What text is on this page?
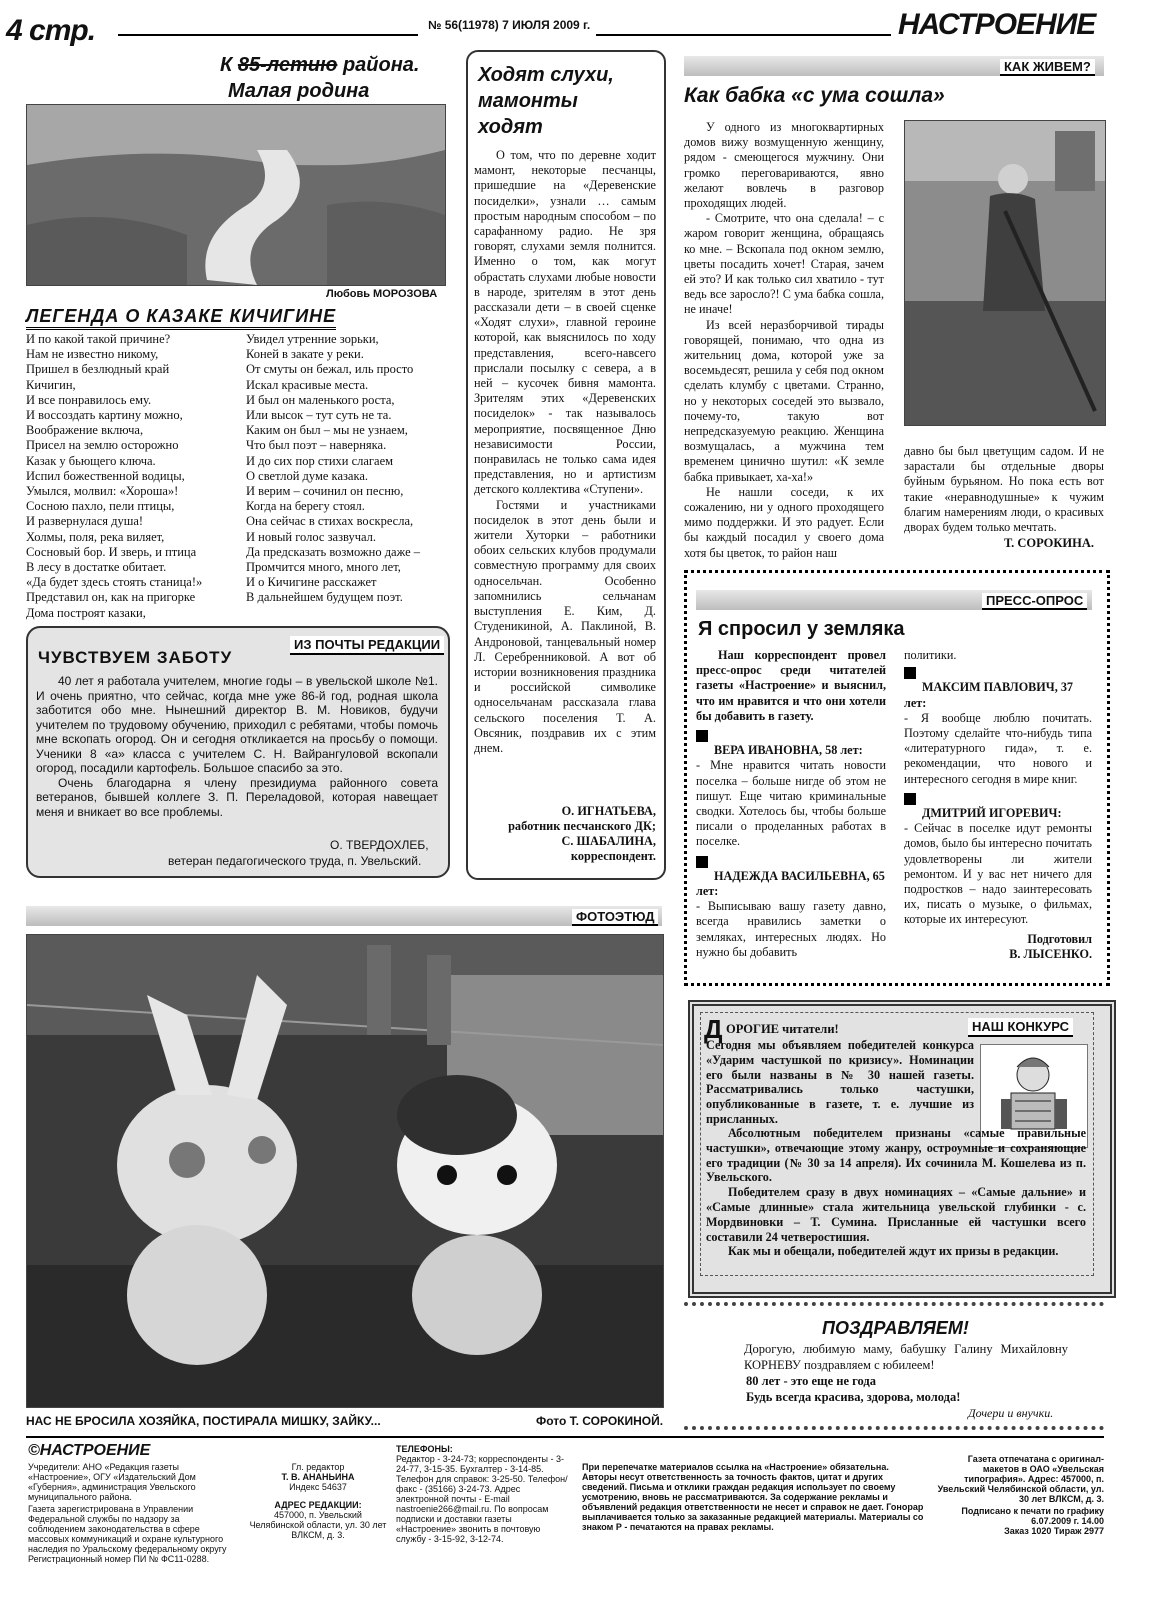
4 стр.	№ 56(11978) 7 ИЮЛЯ 2009 г.	НАСТРОЕНИЕ
К 85-летию района.
Малая родина
Любовь МОРОЗОВА
ЛЕГЕНДА О КАЗАКЕ КИЧИГИНЕ
И по какой такой причине?
Нам не известно никому,
Пришел в безлюдный край
Кичигин,
И все понравилось ему.
И воссоздать картину можно,
Воображение включа,
Присел на землю осторожно
Казак у бьющего ключа.
Испил божественной водицы,
Умылся, молвил: «Хороша»!
Сосною пахло, пели птицы,
И развернулася душа!
Холмы, поля, река виляет,
Сосновый бор. И зверь, и птица
В лесу в достатке обитает.
«Да будет здесь стоять станица!»
Представил он, как на пригорке
Дома построят казаки,
Увидел утренние зорьки,
Коней в закате у реки.
От смуты он бежал, иль просто
Искал красивые места.
И был он маленького роста,
Или высок – тут суть не та.
Каким он был – мы не узнаем,
Что был поэт – наверняка.
И до сих пор стихи слагаем
О светлой думе казака.
И верим – сочинил он песню,
Когда на берегу стоял.
Она сейчас в стихах воскресла,
И новый голос зазвучал.
Да предсказать возможно даже –
Промчится много, много лет,
И о Кичигине расскажет
В дальнейшем будущем поэт.
ИЗ ПОЧТЫ РЕДАКЦИИ
ЧУВСТВУЕМ ЗАБОТУ

40 лет я работала учителем, многие годы – в увельской школе №1. И очень приятно, что сейчас, когда мне уже 86-й год, родная школа заботится обо мне. Нынешний директор В. М. Новиков, будучи учителем по трудовому обучению, приходил с ребятами, чтобы помочь мне вскопать огород. Он и сегодня откликается на просьбу о помощи. Ученики 8 «а» класса с учителем С. Н. Вайрангуловой вскопали огород, посадили картофель. Большое спасибо за это.

Очень благодарна я члену президиума районного совета ветеранов, бывшей коллеге З. П. Переладовой, которая навещает меня и вникает во все проблемы.

О. ТВЕРДОХЛЕБ,
ветеран педагогического труда, п. Увельский.
Ходят слухи,
мамонты
ходят

О том, что по деревне ходит мамонт, некоторые песчанцы, пришедшие на «Деревенские посиделки», узнали … самым простым народным способом – по сарафанному радио. Не зря говорят, слухами земля полнится. Именно о том, как могут обрастать слухами любые новости в народе, зрителям в этот день рассказали дети – в своей сценке «Ходят слухи», главной героине которой, как выяснилось по ходу представления, всего-навсего прислали посылку с севера, а в ней – кусочек бивня мамонта. Зрителям этих «Деревенских посиделок» - так называлось мероприятие, посвященное Дню независимости России, понравилась не только сама идея представления, но и артистизм детского коллектива «Ступени».

Гостями и участниками посиделок в этот день были и жители Хуторки – работники обоих сельских клубов продумали совместную программу для своих односельчан. Особенно запомнились сельчанам выступления Е. Ким, Д. Студеникиной, А. Паклиной, В. Андроновой, танцевальный номер Л. Серебренниковой. А вот об истории возникновения праздника и российской символике односельчанам рассказала глава сельского поселения Т. А. Овсяник, поздравив их с этим днем.

О. ИГНАТЬЕВА,
работник песчанского ДК;
С. ШАБАЛИНА,
корреспондент.
КАК ЖИВЕМ?
Как бабка «с ума сошла»

У одного из многоквартирных домов вижу возмущенную женщину, рядом - смеющегося мужчину. Они громко переговариваются, явно желают вовлечь в разговор проходящих людей.

- Смотрите, что она сделала! – с жаром говорит женщина, обращаясь ко мне. – Вскопала под окном землю, цветы посадить хочет! Старая, зачем ей это? И как только сил хватило - тут ведь все заросло?! С ума бабка сошла, не иначе!

Из всей неразборчивой тирады говорящей, понимаю, что одна из жительниц дома, которой уже за восемьдесят, решила у себя под окном сделать клумбу с цветами. Странно, но у некоторых соседей это вызвало, почему-то, такую вот непредсказуемую реакцию. Женщина возмущалась, а мужчина тем временем цинично шутил: «К земле бабка привыкает, ха-ха!»

Не нашли соседи, к их сожалению, ни у одного проходящего мимо поддержки. И это радует. Если бы каждый посадил у своего дома хотя бы цветок, то район наш

давно бы был цветущим садом. И не зарастали бы отдельные дворы буйным бурьяном. Но пока есть вот такие «неравнодушные» к чужим благим намерениям люди, о красивых дворах будем только мечтать.

Т. СОРОКИНА.
ПРЕСС-ОПРОС
Я спросил у земляка

Наш корреспондент провел пресс-опрос среди читателей газеты «Настроение» и выяснил, что им нравится и что они хотели бы добавить в газету.

ВЕРА ИВАНОВНА, 58 лет:

- Мне нравится читать новости поселка – больше нигде об этом не пишут. Еще читаю криминальные сводки. Хотелось бы, чтобы больше писали о проделанных работах в поселке.

НАДЕЖДА ВАСИЛЬЕВНА, 65 лет:

- Выписываю вашу газету давно, всегда нравились заметки о земляках, интересных людях. Но нужно бы добавить

политики.

МАКСИМ ПАВЛОВИЧ, 37 лет:

- Я вообще люблю почитать. Поэтому сделайте что-нибудь типа «литературного гида», т. е. рекомендации, что нового и интересного сегодня в мире книг.

ДМИТРИЙ ИГОРЕВИЧ:

- Сейчас в поселке идут ремонты домов, было бы интересно почитать удовлетворены ли жители ремонтом. И у вас нет ничего для подростков – надо заинтересовать их, писать о музыке, о фильмах, которые их интересуют.

Подготовил

В. ЛЫСЕНКО.

НАШ КОНКУРС
Д ОРОГИЕ читатели!

Сегодня мы объявляем победителей конкурса «Ударим частушкой по кризису». Номинации его были названы в № 30 нашей газеты. Рассматривались только частушки, опубликованные в газете, т. е. лучшие из присланных.

Абсолютным победителем признаны «самые правильные частушки», отвечающие этому жанру, остроумные и сохраняющие его традиции (№ 30 за 14 апреля). Их сочинила М. Кошелева из п. Увельского.

Победителем сразу в двух номинациях – «Самые дальние» и «Самые длинные» стала жительница увельской глубинки - с. Мордвиновки – Т. Сумина. Присланные ей частушки всего составили 24 четверостишия.

Как мы и обещали, победителей ждут их призы в редакции.

ПОЗДРАВЛЯЕМ!
Дорогую, любимую маму, бабушку Галину Михайловну КОРНЕВУ поздравляем с юбилеем!
80 лет - это еще не года
Будь всегда красива, здорова, молода!
Дочери и внучки.
ФОТОЭТЮД
НАС НЕ БРОСИЛА ХОЗЯЙКА, ПОСТИРАЛА МИШКУ, ЗАЙКУ...	Фото Т. СОРОКИНОЙ.
©НАСТРОЕНИЕ
Учредители: АНО «Редакция газеты «Настроение», ОГУ «Издательский Дом «Губерния», администрация Увельского муниципального района.
Газета зарегистрирована в Управлении Федеральной службы по надзору за соблюдением законодательства в сфере массовых коммуникаций и охране культурного наследия по Уральскому федеральному округу
Регистрационный номер ПИ № ФС11-0288.
Гл. редактор
Т. В. АНАНЬИНА
Индекс 54637
АДРЕС РЕДАКЦИИ:
457000, п. Увельский Челябинской области, ул. 30 лет ВЛКСМ, д. 3.
ТЕЛЕФОНЫ:
Редактор - 3-24-73; корреспонденты - 3-24-77, 3-15-35. Бухгалтер - 3-14-85. Телефон для справок: 3-25-50. Телефон/факс - (35166) 3-24-73. Адрес электронной почты - E-mail nastroenie266@mail.ru. По вопросам подписки и доставки газеты «Настроение» звонить в почтовую службу - 3-15-92, 3-12-74.
При перепечатке материалов ссылка на «Настроение» обязательна. Авторы несут ответственность за точность фактов, цитат и других сведений. Письма и отклики граждан редакция использует по своему усмотрению, вновь не рассматриваются. За содержание рекламы и объявлений редакция ответственности не несет и справок не дает. Гонорар выплачивается только за заказанные редакцией материалы. Материалы со знаком Р - печатаются на правах рекламы.
Газета отпечатана с оригинал-макетов в ОАО «Увельская типография». Адрес: 457000, п. Увельский Челябинской области, ул. 30 лет ВЛКСМ, д. 3.
Подписано к печати по графику 6.07.2009 г. 14.00
Заказ 1020 Тираж 2977
